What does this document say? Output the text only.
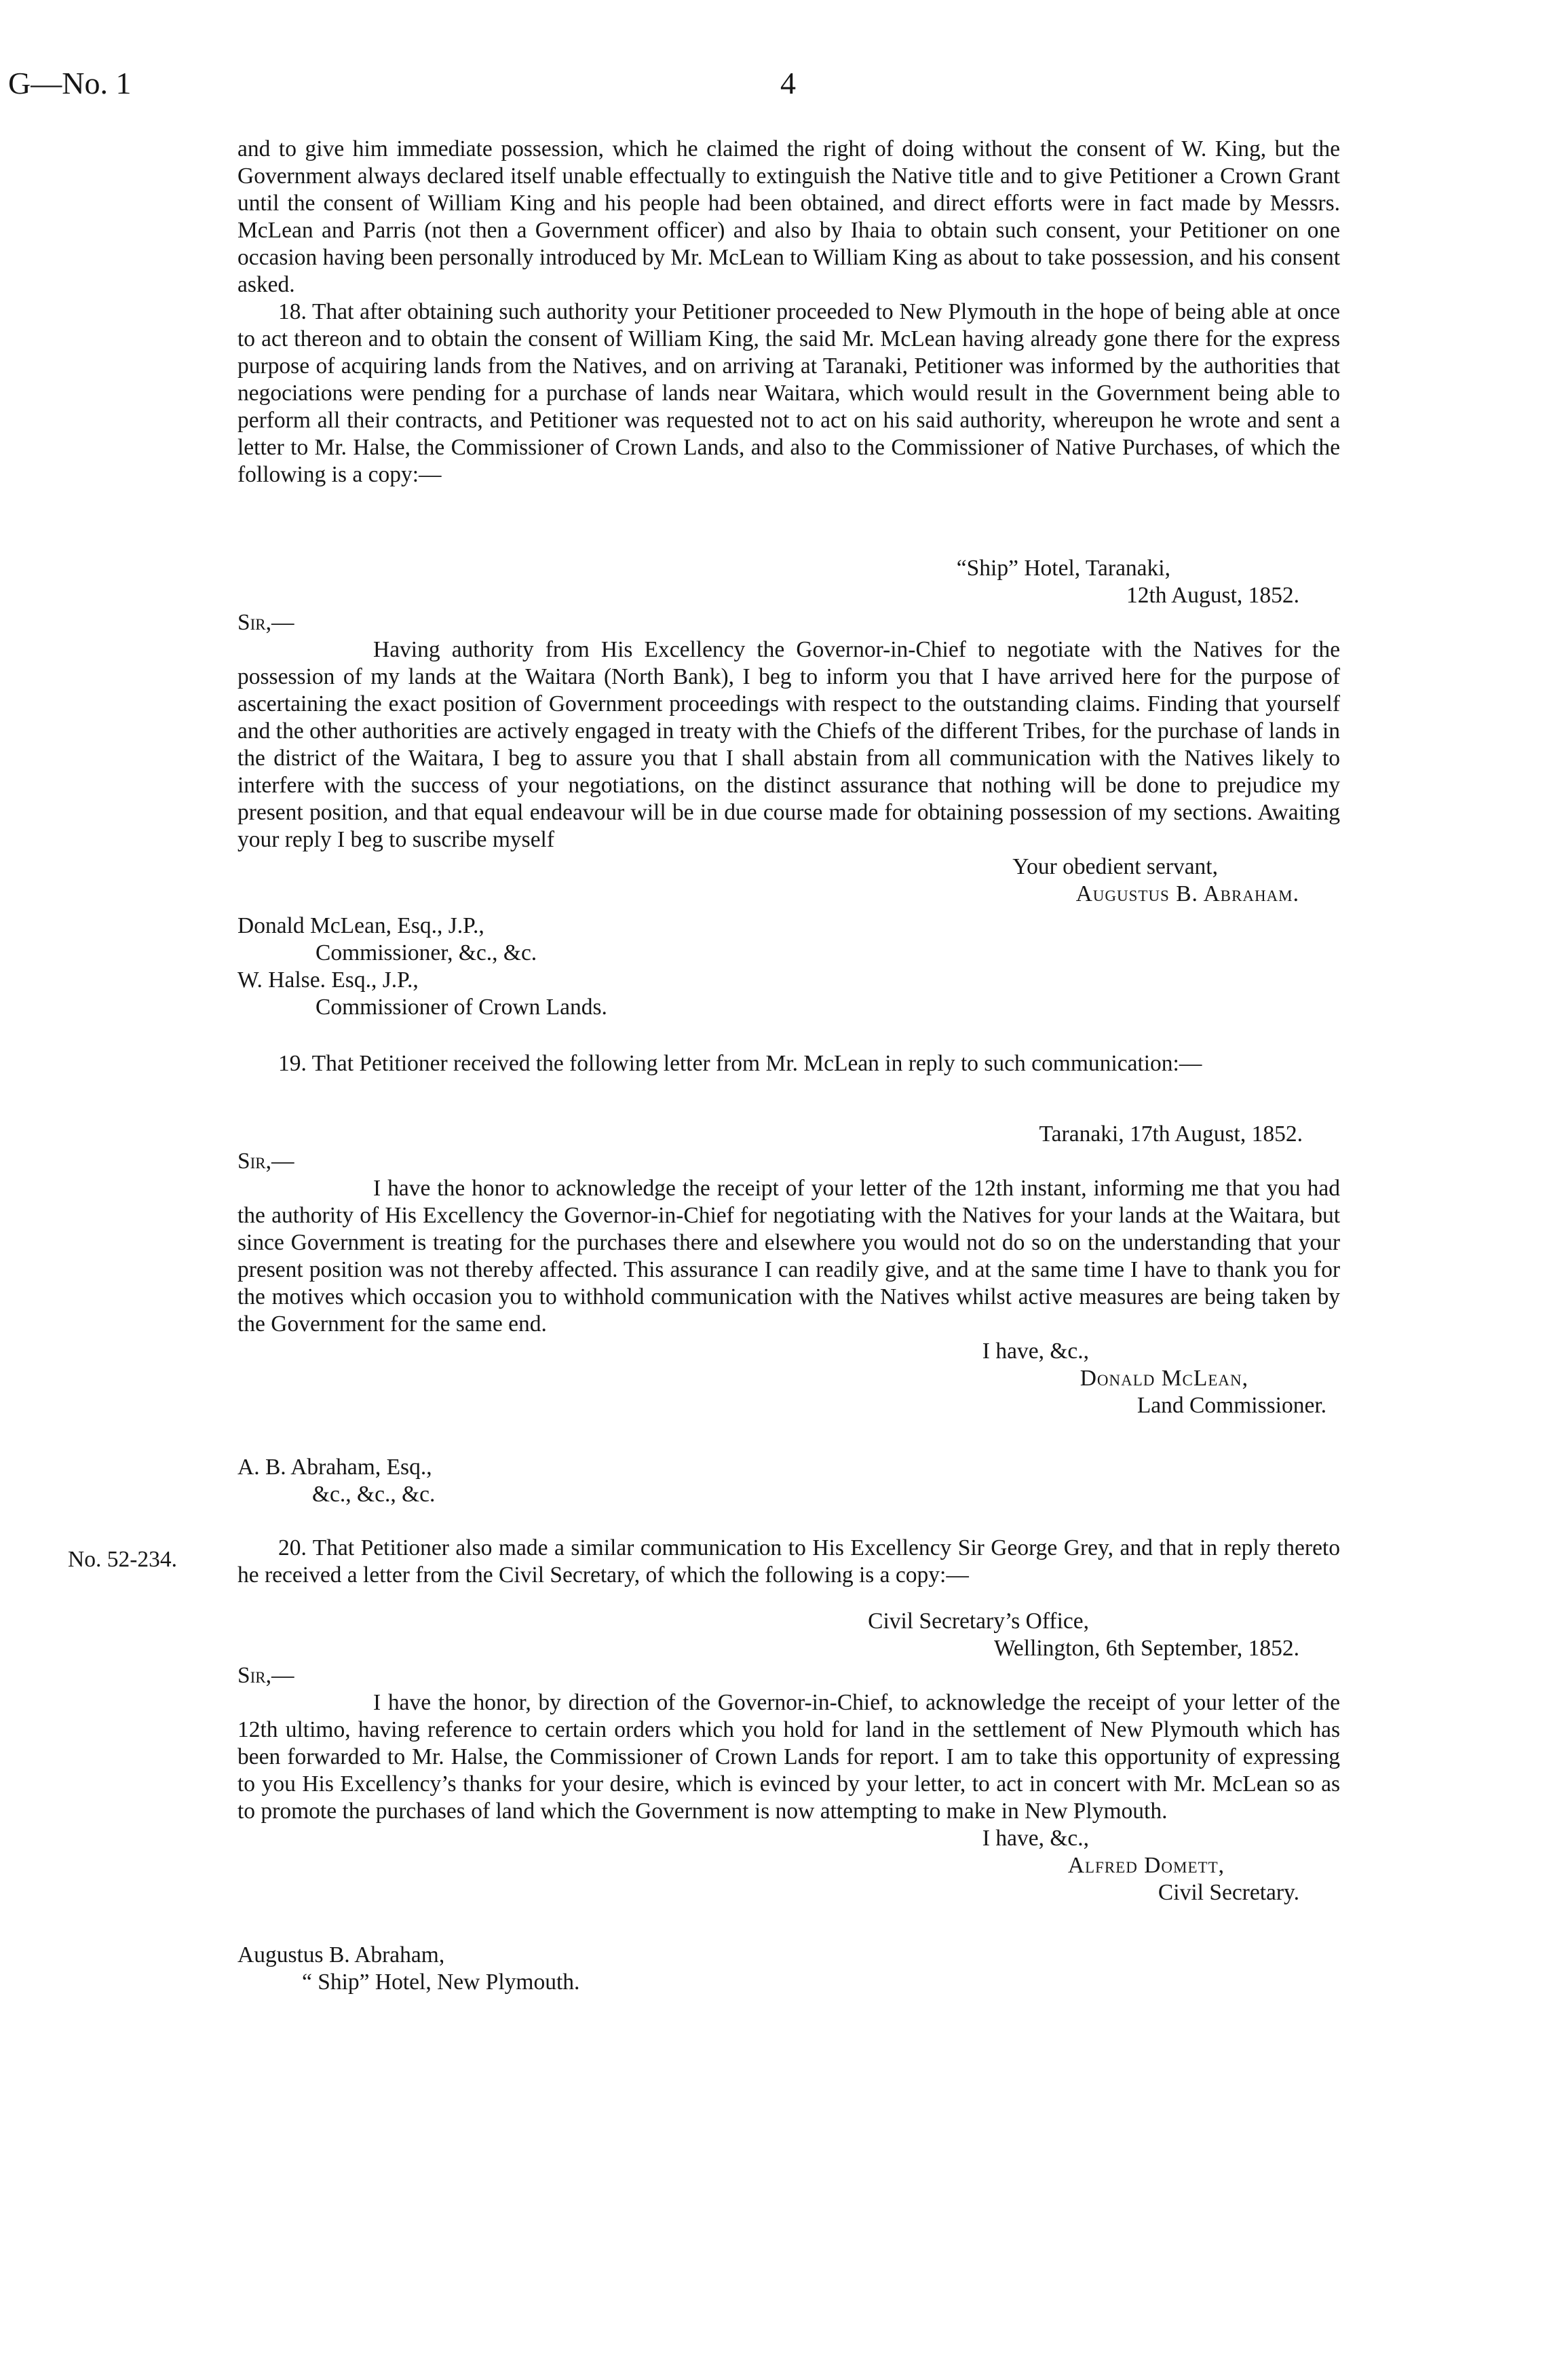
G—No. 1	4

and to give him immediate possession, which he claimed the right of doing without the consent of W. King, but the Government always declared itself unable effectually to extinguish the Native title and to give Petitioner a Crown Grant until the consent of William King and his people had been obtained, and direct efforts were in fact made by Messrs. McLean and Parris (not then a Government officer) and also by Ihaia to obtain such consent, your Petitioner on one occasion having been personally introduced by Mr. McLean to William King as about to take possession, and his consent asked.

18. That after obtaining such authority your Petitioner proceeded to New Plymouth in the hope of being able at once to act thereon and to obtain the consent of William King, the said Mr. McLean having already gone there for the express purpose of acquiring lands from the Natives, and on arriving at Taranaki, Petitioner was informed by the authorities that negociations were pending for a purchase of lands near Waitara, which would result in the Government being able to perform all their contracts, and Petitioner was requested not to act on his said authority, whereupon he wrote and sent a letter to Mr. Halse, the Commissioner of Crown Lands, and also to the Commissioner of Native Purchases, of which the following is a copy:—

“Ship” Hotel, Taranaki,

12th August, 1852.

Sir,—

Having authority from His Excellency the Governor-in-Chief to negotiate with the Natives for the possession of my lands at the Waitara (North Bank), I beg to inform you that I have arrived here for the purpose of ascertaining the exact position of Government proceedings with respect to the outstanding claims. Finding that yourself and the other authorities are actively engaged in treaty with the Chiefs of the different Tribes, for the purchase of lands in the district of the Waitara, I beg to assure you that I shall abstain from all communication with the Natives likely to interfere with the success of your negotiations, on the distinct assurance that nothing will be done to prejudice my present position, and that equal endeavour will be in due course made for obtaining possession of my sections. Awaiting your reply I beg to suscribe myself

Your obedient servant,

Augustus B. Abraham.

Donald McLean, Esq., J.P.,

Commissioner, &c., &c.

W. Halse. Esq., J.P.,

Commissioner of Crown Lands.

19. That Petitioner received the following letter from Mr. McLean in reply to such communication:—

Taranaki, 17th August, 1852.

Sir,—

I have the honor to acknowledge the receipt of your letter of the 12th instant, informing me that you had the authority of His Excellency the Governor-in-Chief for negotiating with the Natives for your lands at the Waitara, but since Government is treating for the purchases there and elsewhere you would not do so on the understanding that your present position was not thereby affected. This assurance I can readily give, and at the same time I have to thank you for the motives which occasion you to withhold communication with the Natives whilst active measures are being taken by the Government for the same end.

I have, &c.,

Donald McLean,

Land Commissioner.

A. B. Abraham, Esq.,

&c., &c., &c.

No. 52-234.	20. That Petitioner also made a similar communication to His Excellency Sir George Grey, and that in reply thereto he received a letter from the Civil Secretary, of which the following is a copy:—

Civil Secretary’s Office,

Wellington, 6th September, 1852.

Sir,—

I have the honor, by direction of the Governor-in-Chief, to acknowledge the receipt of your letter of the 12th ultimo, having reference to certain orders which you hold for land in the settlement of New Plymouth which has been forwarded to Mr. Halse, the Commissioner of Crown Lands for report. I am to take this opportunity of expressing to you His Excellency’s thanks for your desire, which is evinced by your letter, to act in concert with Mr. McLean so as to promote the purchases of land which the Government is now attempting to make in New Plymouth.

I have, &c.,

Alfred Domett,

Civil Secretary.

Augustus B. Abraham,

“ Ship” Hotel, New Plymouth.
